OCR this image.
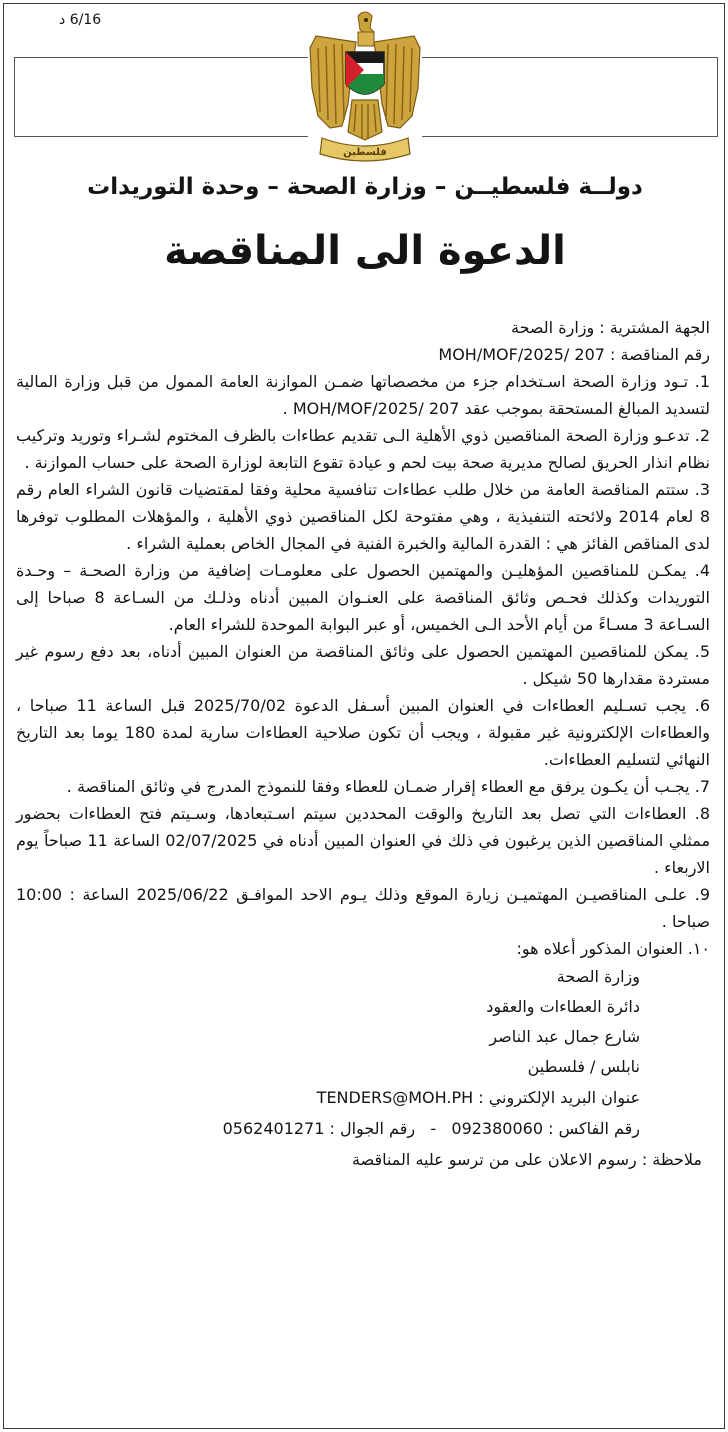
6/16 د
فلسطين
دولــة فلسطيــن – وزارة الصحة – وحدة التوريدات
الدعوة الى المناقصة
الجهة المشترية : وزارة الصحة
رقم المناقصة : MOH/MOF/2025/ 207
1. تـود وزارة الصحة اسـتخدام جزء من مخصصاتها ضمـن الموازنة العامة الممول من قبل وزارة المالية لتسديد المبالغ المستحقة بموجب عقد MOH/MOF/2025/ 207 .
2. تدعـو وزارة الصحة المناقصين ذوي الأهلية الـى تقديم عطاءات بالظرف المختوم لشـراء وتوريد وتركيب نظام انذار الحريق لصالح مديرية صحة بيت لحم و عيادة تقوع التابعة لوزارة الصحة على حساب الموازنة .
3. ستتم المناقصة العامة من خلال طلب عطاءات تنافسية محلية وفقا لمقتضيات قانون الشراء العام رقم 8 لعام 2014 ولائحته التنفيذية ، وهي مفتوحة لكل المناقصين ذوي الأهلية ، والمؤهلات المطلوب توفرها لدى المناقص الفائز هي : القدرة المالية والخبرة الفنية في المجال الخاص بعملية الشراء .
4. يمكـن للمناقصين المؤهليـن والمهتمين الحصول على معلومـات إضافية من وزارة الصحـة – وحـدة التوريدات وكذلك فحـص وثائق المناقصة على العنـوان المبين أدناه وذلـك من السـاعة 8 صباحا إلى السـاعة 3 مسـاءً من أيام الأحد الـى الخميس، أو عبر البوابة الموحدة للشراء العام.
5. يمكن للمناقصين المهتمين الحصول على وثائق المناقصة من العنوان المبين أدناه، بعد دفع رسوم غير مستردة مقدارها 50 شيكل .
6. يجب تسـليم العطاءات في العنوان المبين أسـفل الدعوة 2025/70/02 قبل الساعة 11 صباحا ، والعطاءات الإلكترونية غير مقبولة ، ويجب أن تكون صلاحية العطاءات سارية لمدة 180 يوما بعد التاريخ النهائي لتسليم العطاءات.
7. يجـب أن يكـون يرفق مع العطاء إقرار ضمـان للعطاء وفقا للنموذج المدرج في وثائق المناقصة .
8. العطاءات التي تصل بعد التاريخ والوقت المحددين سيتم اسـتبعادها، وسـيتم فتح العطاءات بحضور ممثلي المناقصين الذين يرغبون في ذلك في العنوان المبين أدناه في 02/07/2025 الساعة 11 صباحاً يوم الاربعاء .
9. علـى المناقصيـن المهتميـن زيارة الموقع وذلك يـوم الاحد الموافـق 2025/06/22 الساعة : 10:00 صباحا .
١٠. العنوان المذكور أعلاه هو:
وزارة الصحة
دائرة العطاءات والعقود
شارع جمال عبد الناصر
نابلس / فلسطين
عنوان البريد الإلكتروني : TENDERS@MOH.PH
رقم الفاكس : 092380060   -   رقم الجوال : 0562401271
ملاحظة : رسوم الاعلان على من ترسو عليه المناقصة
